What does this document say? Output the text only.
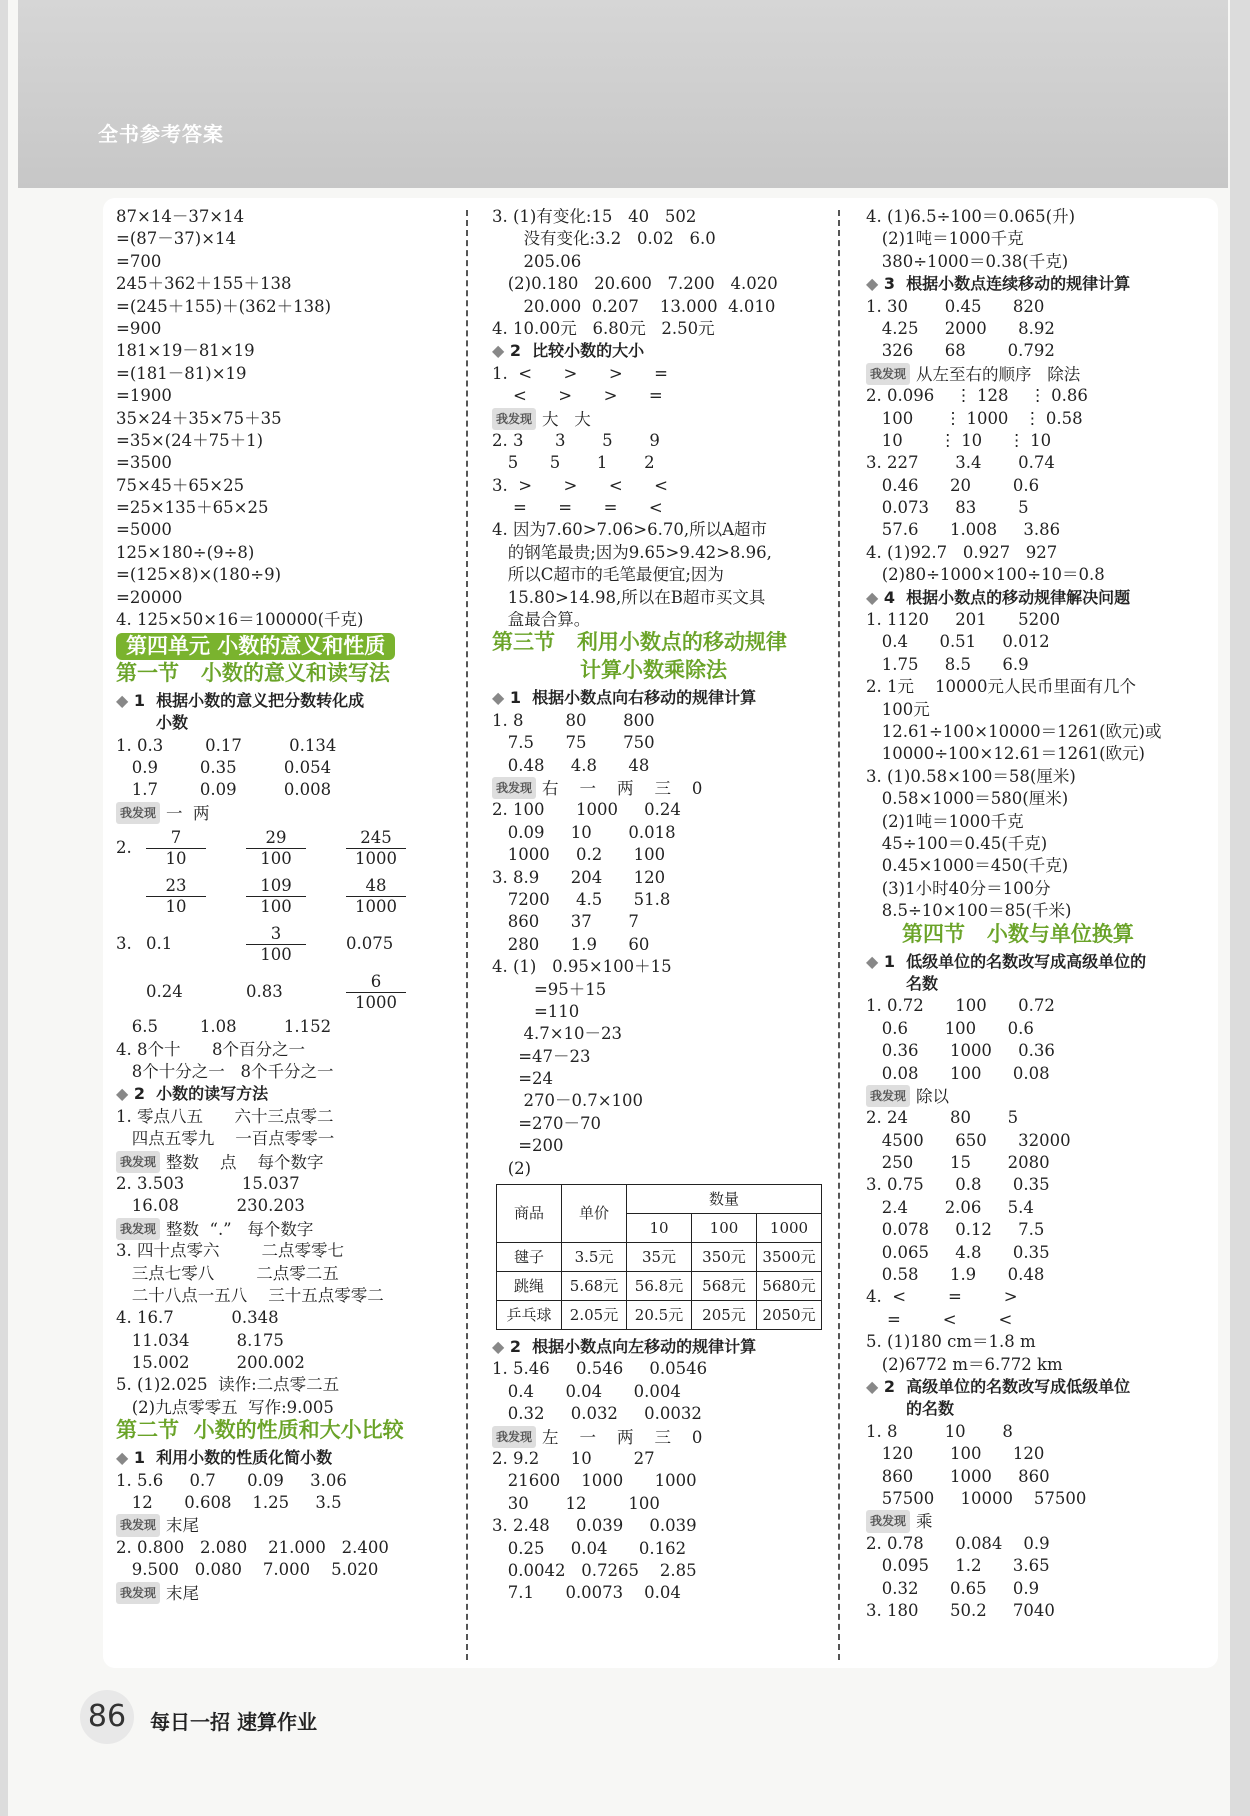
全书参考答案
87×14－37×14
=(87－37)×14
=700
245＋362＋155＋138
=(245＋155)＋(362＋138)
=900
181×19－81×19
=(181－81)×19
=1900
35×24＋35×75＋35
=35×(24＋75＋1)
=3500
75×45＋65×25
=25×135＋65×25
=5000
125×180÷(9÷8)
=(125×8)×(180÷9)
=20000
4. 125×50×16＝100000(千克)
第四单元 小数的意义和性质
第一节   小数的意义和读写法
◆ 1  根据小数的意义把分数转化成
小数
1. 0.3        0.17         0.134
0.9        0.35         0.054
1.7        0.09         0.008
我发现 一  两
2. $\frac{7}{10} \frac{29}{100} \frac{245}{1000}$
$\frac{23}{10} \frac{109}{100} \frac{48}{1000}$
3. 0.1	$\frac{3}{100} 0.075$
0.24	0.83	$\frac{6}{1000}$
6.5        1.08         1.152
4. 8个十      8个百分之一
8个十分之一   8个千分之一
◆ 2  小数的读写方法
1. 零点八五      六十三点零二
四点五零九    一百点零零一
我发现 整数    点    每个数字
2. 3.503           15.037
16.08           230.203
我发现 整数  “.”   每个数字
3. 四十点零六        二点零零七
三点七零八        二点零二五
二十八点一五八    三十五点零零二
4. 16.7           0.348
11.034         8.175
15.002         200.002
5. (1)2.025  读作:二点零二五
(2)九点零零五  写作:9.005
第二节  小数的性质和大小比较
◆ 1  利用小数的性质化简小数
1. 5.6     0.7      0.09     3.06
12      0.608    1.25     3.5
我发现 末尾
2. 0.800   2.080    21.000   2.400
9.500   0.080    7.000    5.020
我发现 末尾
3. (1)有变化:15   40   502
没有变化:3.2   0.02   6.0
205.06
(2)0.180   20.600   7.200   4.020
20.000  0.207    13.000  4.010
4. 10.00元   6.80元   2.50元
◆ 2  比较小数的大小
1.  <      >      >      =
<      >      >      =
我发现 大   大
2. 3      3       5       9
5      5       1       2
3.  >      >      <      <
=      =      =      <
4. 因为7.60>7.06>6.70,所以A超市
的钢笔最贵;因为9.65>9.42>8.96,
所以C超市的毛笔最便宜;因为
15.80>14.98,所以在B超市买文具
盒最合算。
第三节   利用小数点的移动规律
计算小数乘除法
◆ 1  根据小数点向右移动的规律计算
1. 8        80       800
7.5      75       750
0.48     4.8      48
我发现 右    一    两    三    0
2. 100      1000     0.24
0.09     10       0.018
1000     0.2      100
3. 8.9      204      120
7200     4.5      51.8
860      37       7
280      1.9      60
4. (1)   0.95×100＋15
=95＋15
=110
4.7×10－23
=47－23
=24
270－0.7×100
=270－70
=200
(2)
商品	单价	数量		
		10	100	1000
毽子	3.5元	35元	350元	3500元
跳绳	5.68元	56.8元	568元	5680元
乒乓球	2.05元	20.5元	205元	2050元
◆ 2  根据小数点向左移动的规律计算
1. 5.46     0.546     0.0546
0.4      0.04      0.004
0.32     0.032     0.0032
我发现 左    一    两    三    0
2. 9.2      10        27
21600    1000      1000
30       12        100
3. 2.48     0.039     0.039
0.25     0.04      0.162
0.0042   0.7265    2.85
7.1      0.0073    0.04
4. (1)6.5÷100＝0.065(升)
(2)1吨＝1000千克
380÷1000＝0.38(千克)
◆ 3  根据小数点连续移动的规律计算
1. 30       0.45      820
4.25     2000      8.92
326      68        0.792
我发现 从左至右的顺序   除法
2. 0.096    ⋮ 128    ⋮ 0.86
100      ⋮ 1000   ⋮ 0.58
10       ⋮ 10     ⋮ 10
3. 227       3.4       0.74
0.46      20        0.6
0.073     83        5
57.6      1.008     3.86
4. (1)92.7   0.927   927
(2)80÷1000×100÷10＝0.8
◆ 4  根据小数点的移动规律解决问题
1. 1120     201      5200
0.4      0.51     0.012
1.75     8.5      6.9
2. 1元    10000元人民币里面有几个
100元
12.61÷100×10000＝1261(欧元)或
10000÷100×12.61＝1261(欧元)
3. (1)0.58×100＝58(厘米)
0.58×1000＝580(厘米)
(2)1吨＝1000千克
45÷100＝0.45(千克)
0.45×1000＝450(千克)
(3)1小时40分＝100分
8.5÷10×100＝85(千米)
第四节   小数与单位换算
◆ 1  低级单位的名数改写成高级单位的
名数
1. 0.72      100      0.72
0.6       100      0.6
0.36      1000     0.36
0.08      100      0.08
我发现 除以
2. 24        80       5
4500      650      32000
250       15       2080
3. 0.75      0.8      0.35
2.4       2.06     5.4
0.078     0.12     7.5
0.065     4.8      0.35
0.58      1.9      0.48
4.  <        =        >
=        <        <
5. (1)180 cm＝1.8 m
(2)6772 m＝6.772 km
◆ 2  高级单位的名数改写成低级单位
的名数
1. 8         10       8
120       100      120
860       1000     860
57500     10000    57500
我发现 乘
2. 0.78      0.084    0.9
0.095     1.2      3.65
0.32      0.65     0.9
3. 180      50.2     7040
86	每日一招 速算作业
